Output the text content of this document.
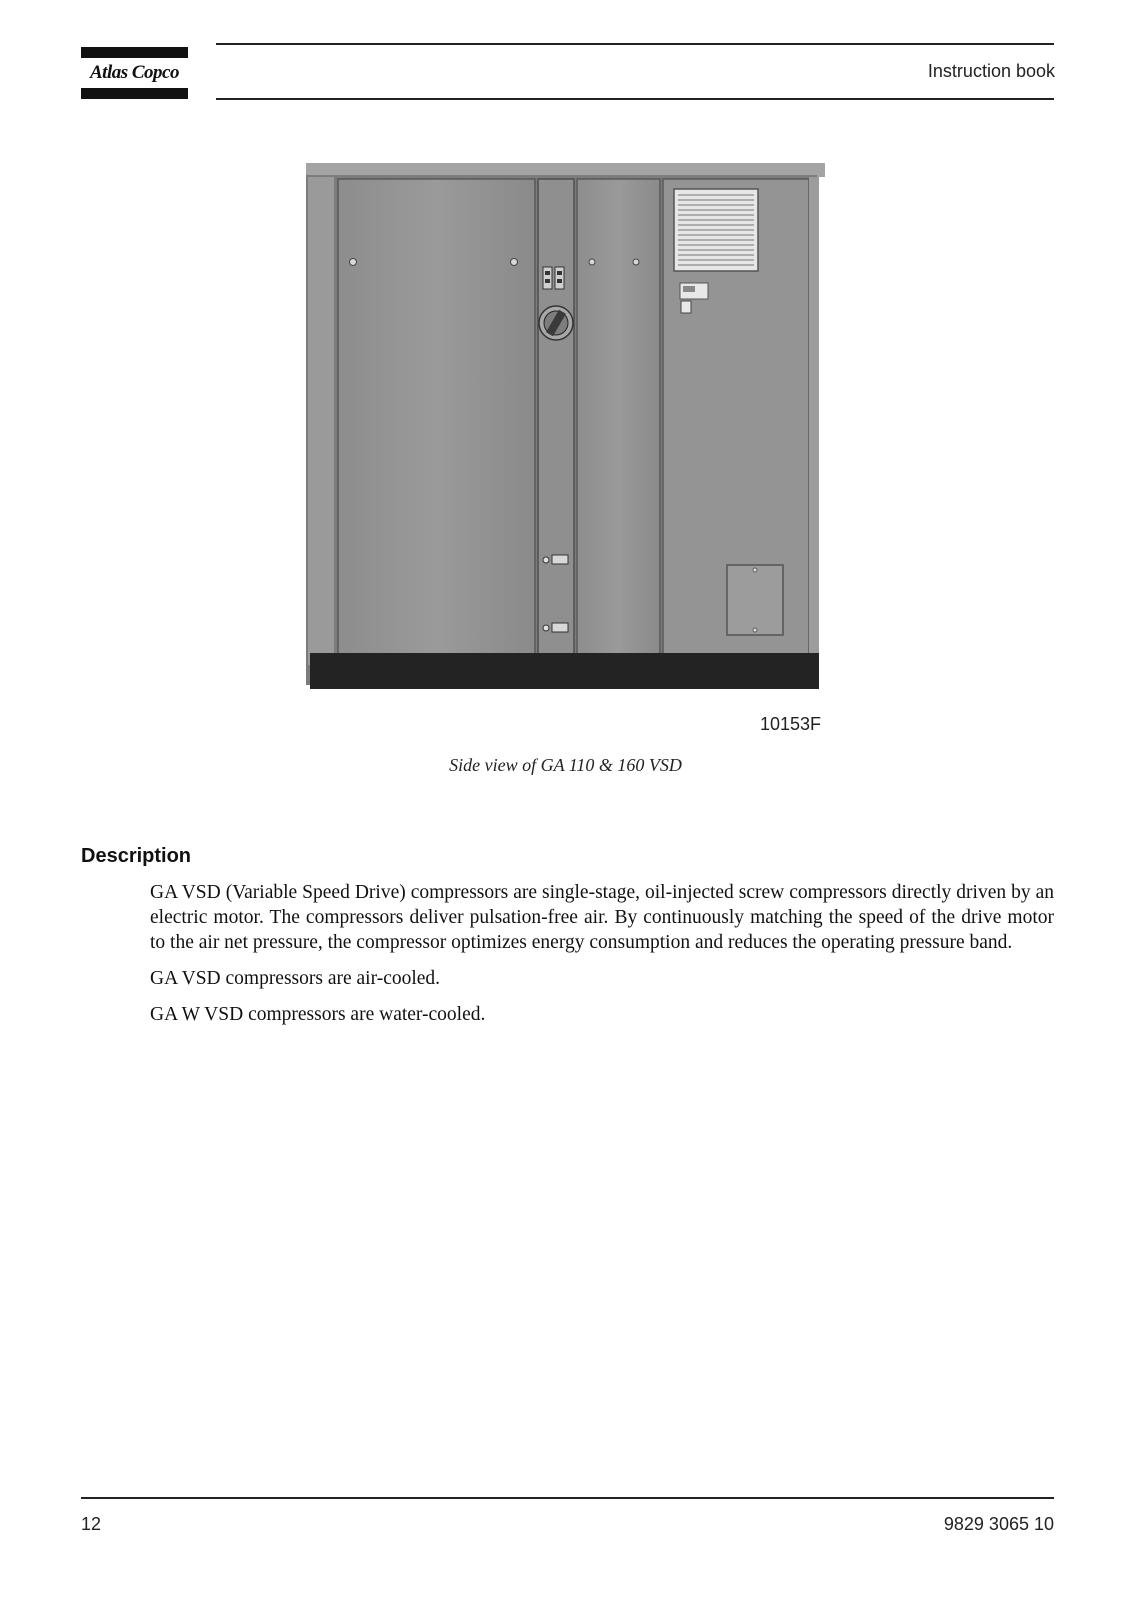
Atlas Copco	Instruction book
10153F
Side view of GA 110 & 160 VSD
Description

GA VSD (Variable Speed Drive) compressors are single-stage, oil-injected screw compressors directly driven by an electric motor. The compressors deliver pulsation-free air. By continuously matching the speed of the drive motor to the air net pressure, the compressor optimizes energy consumption and reduces the operating pressure band.

GA VSD compressors are air-cooled.

GA W VSD compressors are water-cooled.

12	9829 3065 10
